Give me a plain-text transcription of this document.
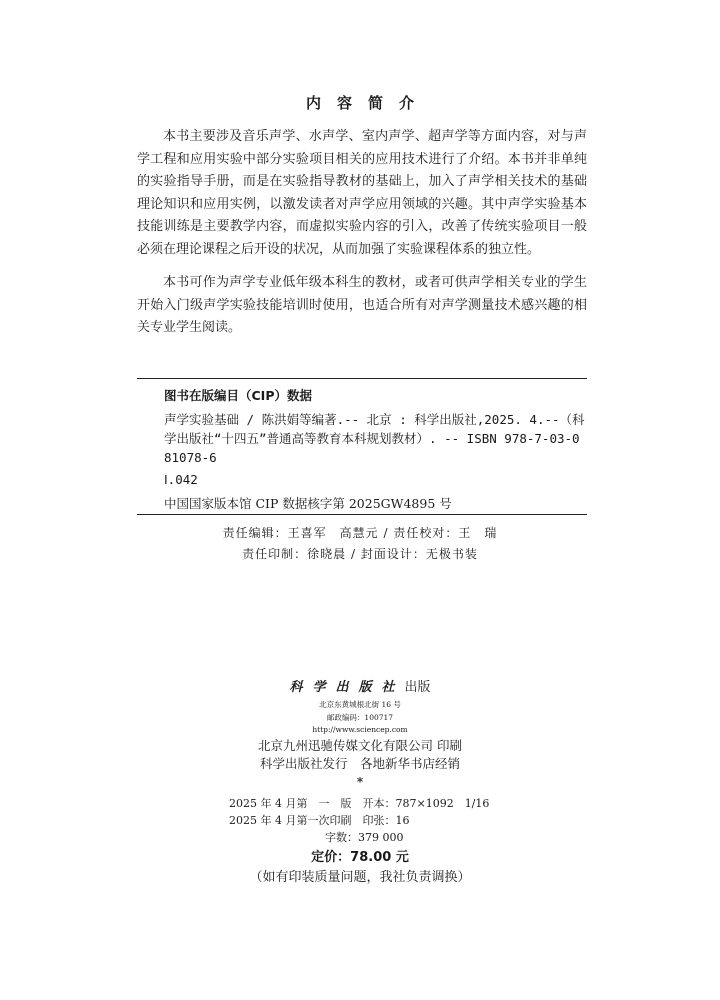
内容简介
本书主要涉及音乐声学、水声学、室内声学、超声学等方面内容，对与声学工程和应用实验中部分实验项目相关的应用技术进行了介绍。本书并非单纯的实验指导手册，而是在实验指导教材的基础上，加入了声学相关技术的基础理论知识和应用实例，以激发读者对声学应用领域的兴趣。其中声学实验基本技能训练是主要教学内容，而虚拟实验内容的引入，改善了传统实验项目一般必须在理论课程之后开设的状况，从而加强了实验课程体系的独立性。
本书可作为声学专业低年级本科生的教材，或者可供声学相关专业的学生开始入门级声学实验技能培训时使用，也适合所有对声学测量技术感兴趣的相关专业学生阅读。
图书在版编目（CIP）数据
声学实验基础 / 陈洪娟等编著.-- 北京 : 科学出版社,2025. 4.--（科学出版社“十四五”普通高等教育本科规划教材）. -- ISBN 978-7-03-081078-6
Ⅰ.042
中国国家版本馆 CIP 数据核字第 2025GW4895 号
责任编辑：王喜军　高慧元 / 责任校对：王　瑞
责任印制：徐晓晨 / 封面设计：无极书装
科学出版社出版
北京东黄城根北街 16 号
邮政编码：100717
http://www.sciencep.com
北京九州迅驰传媒文化有限公司 印刷
科学出版社发行　各地新华书店经销
*
2025 年 4 月第　一　版　开本：787×1092　1/16
2025 年 4 月第一次印刷　印张：16
字数：379 000
定价：78.00 元
（如有印装质量问题，我社负责调换）
